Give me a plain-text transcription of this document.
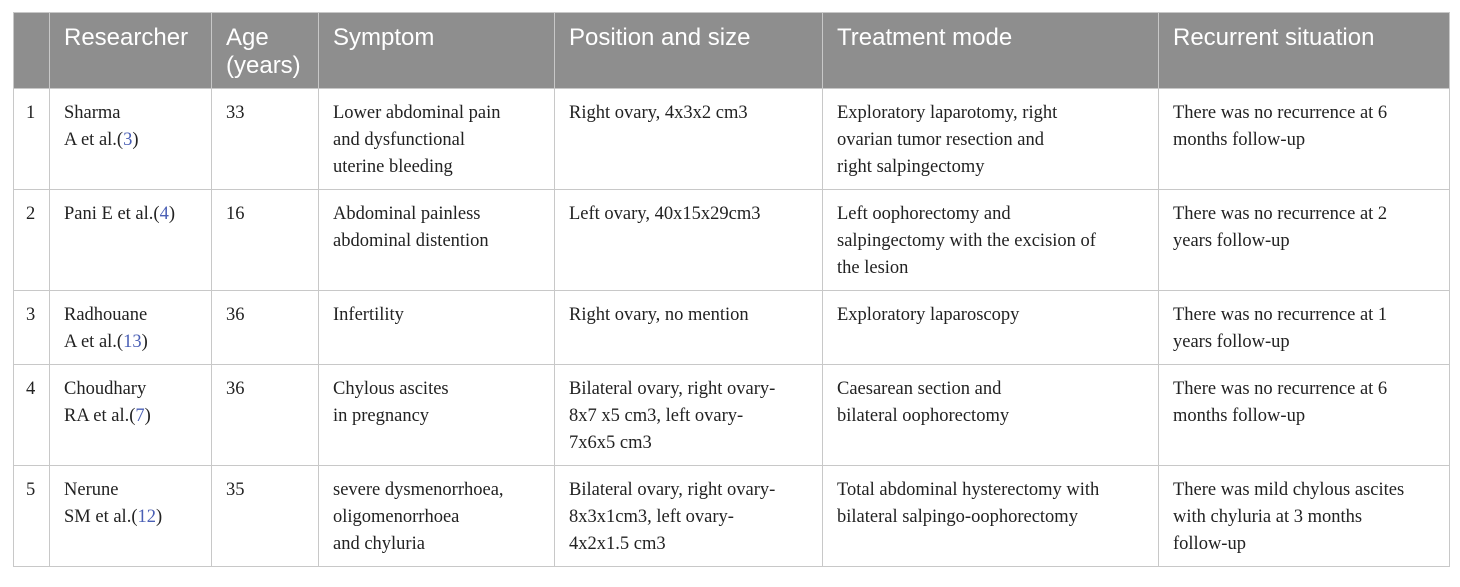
	Researcher	Age
(years)	Symptom	Position and size	Treatment mode	Recurrent situation

1	Sharma
A et al.(3)	33	Lower abdominal pain
and dysfunctional
uterine bleeding	Right ovary, 4x3x2 cm3	Exploratory laparotomy, right
ovarian tumor resection and
right salpingectomy	There was no recurrence at 6
months follow-up

2	Pani E et al.(4)	16	Abdominal painless
abdominal distention	Left ovary, 40x15x29cm3	Left oophorectomy and
salpingectomy with the excision of
the lesion	There was no recurrence at 2
years follow-up

3	Radhouane
A et al.(13)	36	Infertility	Right ovary, no mention	Exploratory laparoscopy	There was no recurrence at 1
years follow-up

4	Choudhary
RA et al.(7)	36	Chylous ascites
in pregnancy	Bilateral ovary, right ovary-
8x7 x5 cm3, left ovary-
7x6x5 cm3	Caesarean section and
bilateral oophorectomy	There was no recurrence at 6
months follow-up

5	Nerune
SM et al.(12)	35	severe dysmenorrhoea,
oligomenorrhoea
and chyluria	Bilateral ovary, right ovary-
8x3x1cm3, left ovary-
4x2x1.5 cm3	Total abdominal hysterectomy with
bilateral salpingo-oophorectomy	There was mild chylous ascites
with chyluria at 3 months
follow-up
